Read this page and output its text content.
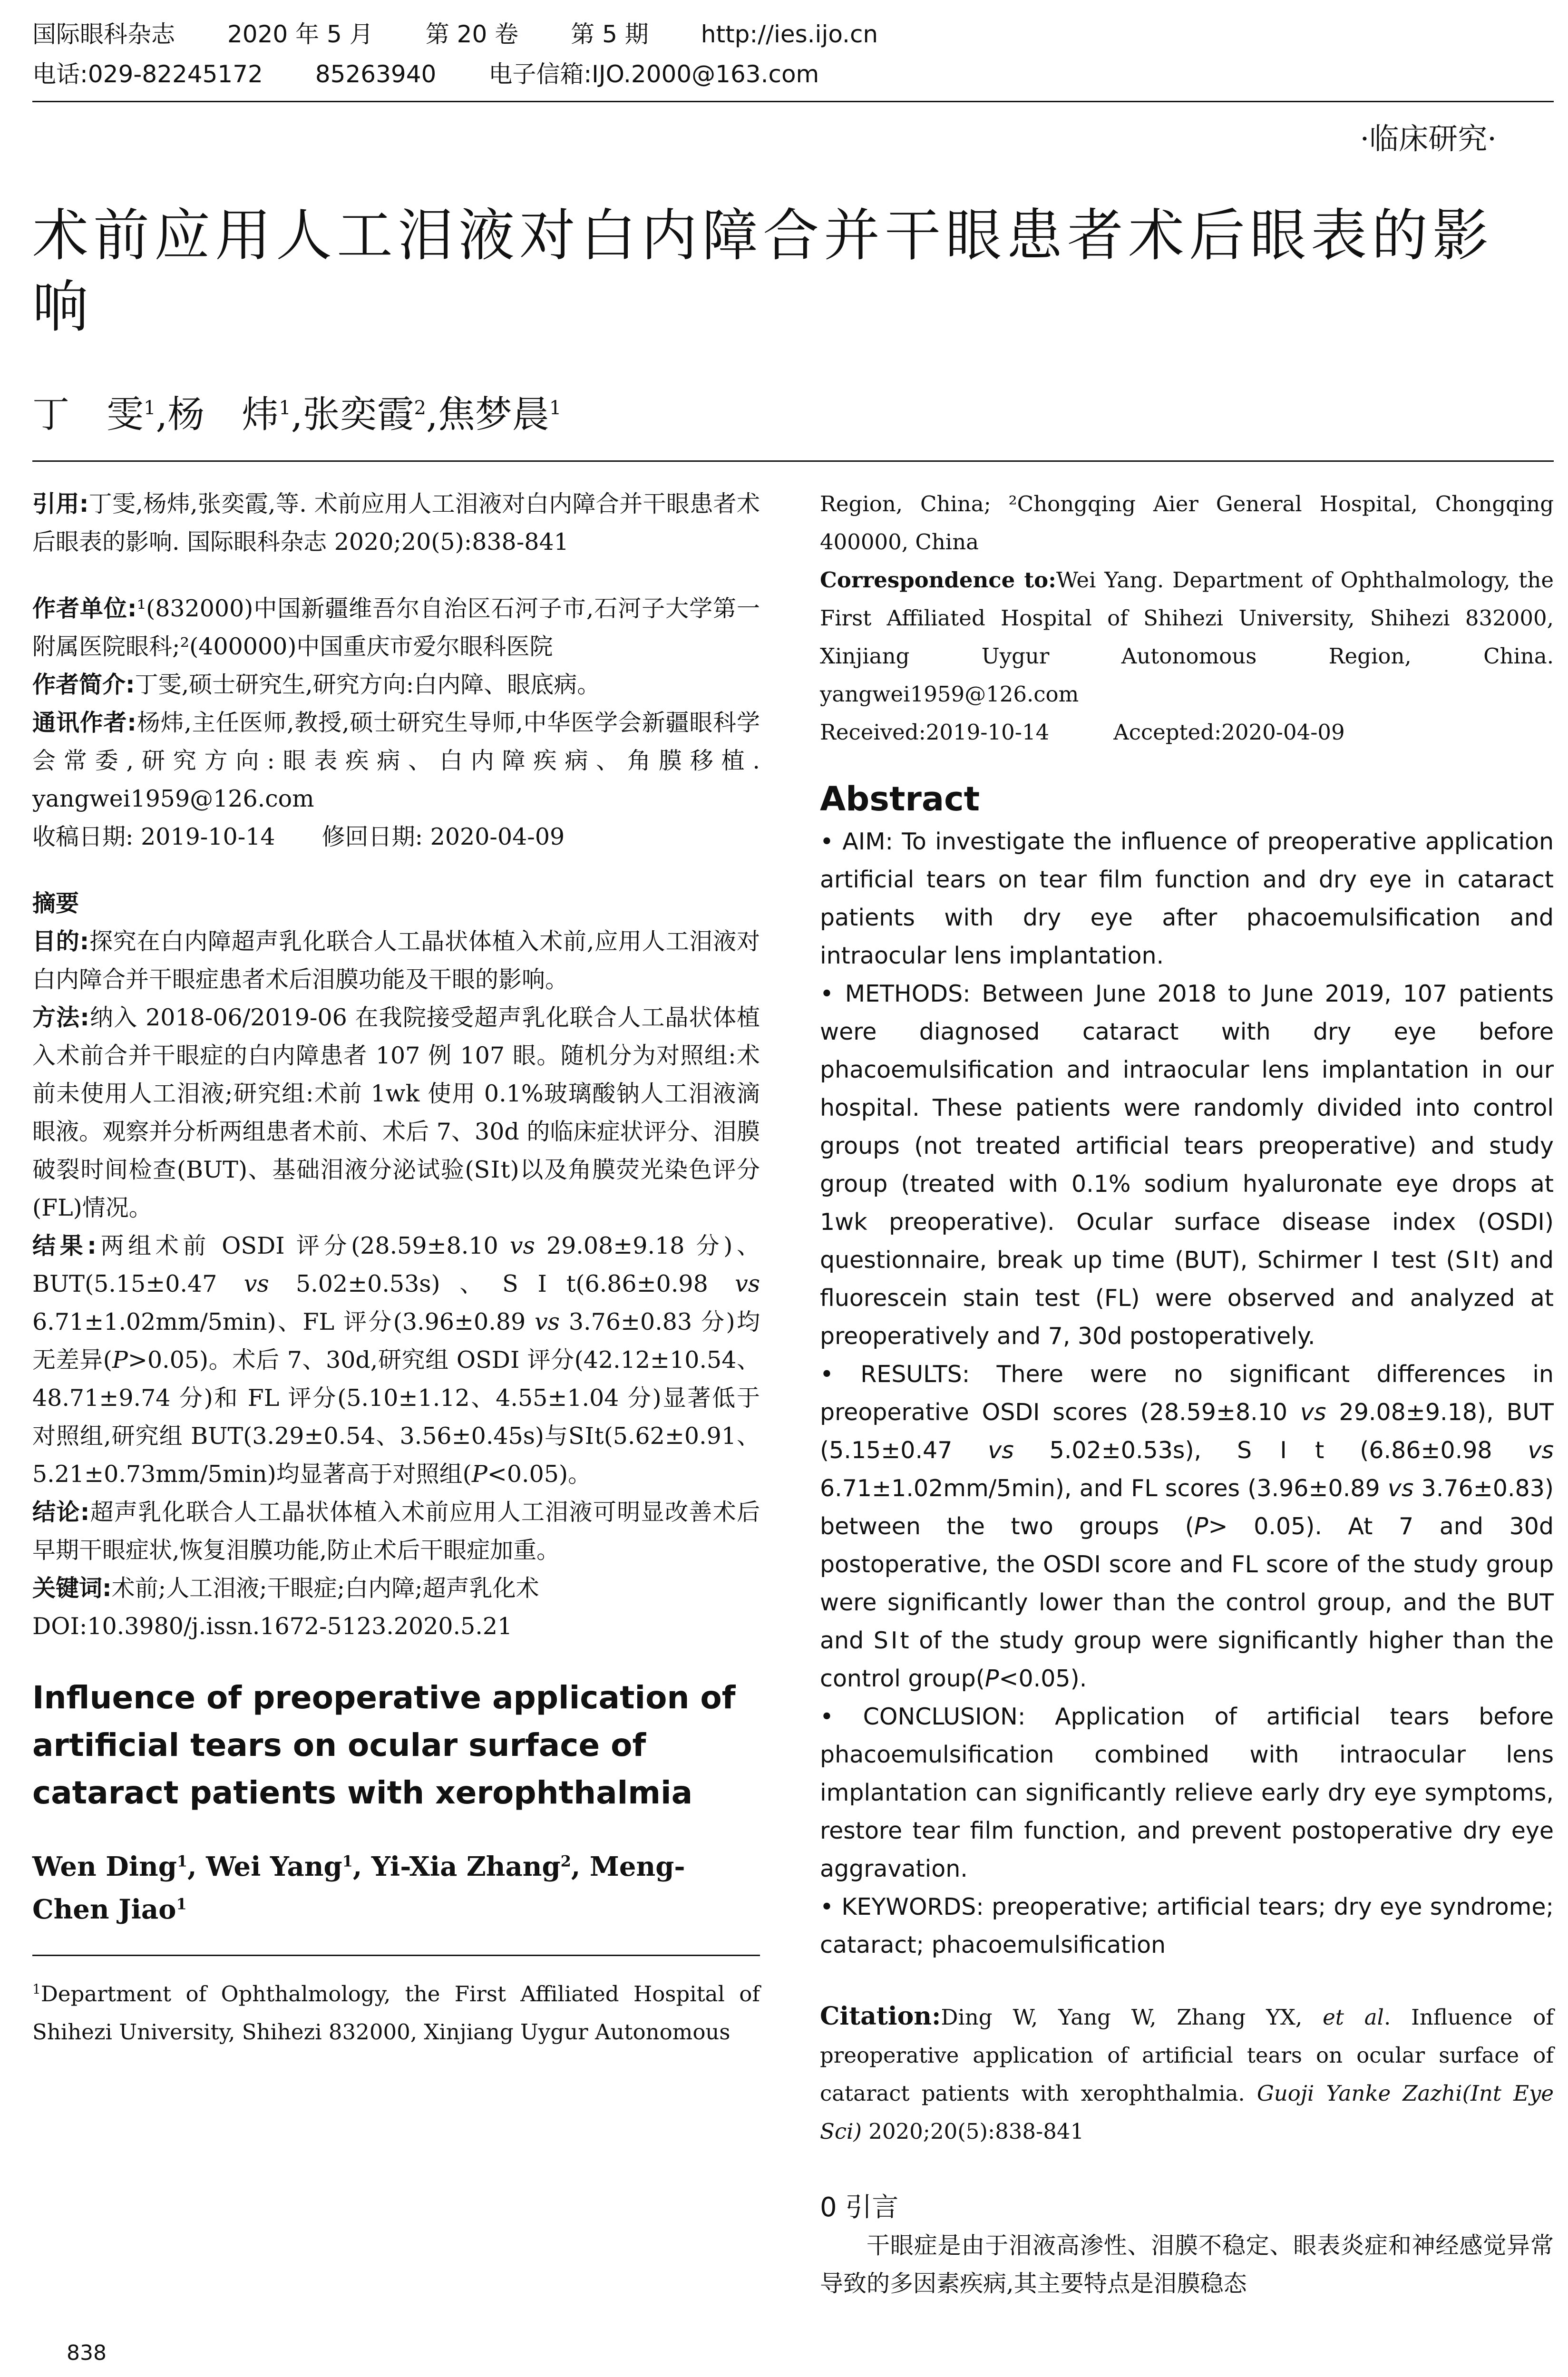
国际眼科杂志 2020 年 5 月 第 20 卷 第 5 期 http://ies.ijo.cn
电话:029-82245172 85263940 电子信箱:IJO.2000@163.com
·临床研究·
术前应用人工泪液对白内障合并干眼患者术后眼表的影响
丁　雯$^1$,杨　炜$^1$,张奕霞$^2$,焦梦晨$^1$

引用:丁雯,杨炜,张奕霞,等. 术前应用人工泪液对白内障合并干眼患者术后眼表的影响. 国际眼科杂志 2020;20(5):838-841

作者单位:¹(832000)中国新疆维吾尔自治区石河子市,石河子大学第一附属医院眼科;²(400000)中国重庆市爱尔眼科医院

作者简介:丁雯,硕士研究生,研究方向:白内障、眼底病。

通讯作者:杨炜,主任医师,教授,硕士研究生导师,中华医学会新疆眼科学会常委,研究方向:眼表疾病、白内障疾病、角膜移植. yangwei1959@126.com

收稿日期: 2019-10-14　　修回日期: 2020-04-09

摘要

目的:探究在白内障超声乳化联合人工晶状体植入术前,应用人工泪液对白内障合并干眼症患者术后泪膜功能及干眼的影响。

方法:纳入 2018-06/2019-06 在我院接受超声乳化联合人工晶状体植入术前合并干眼症的白内障患者 107 例 107 眼。随机分为对照组:术前未使用人工泪液;研究组:术前 1wk 使用 0.1%玻璃酸钠人工泪液滴眼液。观察并分析两组患者术前、术后 7、30d 的临床症状评分、泪膜破裂时间检查(BUT)、基础泪液分泌试验(SⅠt)以及角膜荧光染色评分(FL)情况。

结果:两组术前 OSDI 评分(28.59±8.10 vs 29.08±9.18 分)、BUT(5.15±0.47 vs 5.02±0.53s)、SⅠt(6.86±0.98 vs 6.71±1.02mm/5min)、FL 评分(3.96±0.89 vs 3.76±0.83 分)均无差异(P>0.05)。术后 7、30d,研究组 OSDI 评分(42.12±10.54、48.71±9.74 分)和 FL 评分(5.10±1.12、4.55±1.04 分)显著低于对照组,研究组 BUT(3.29±0.54、3.56±0.45s)与SⅠt(5.62±0.91、5.21±0.73mm/5min)均显著高于对照组(P<0.05)。

结论:超声乳化联合人工晶状体植入术前应用人工泪液可明显改善术后早期干眼症状,恢复泪膜功能,防止术后干眼症加重。

关键词:术前;人工泪液;干眼症;白内障;超声乳化术

DOI:10.3980/j.issn.1672-5123.2020.5.21

Influence of preoperative application of artificial tears on ocular surface of cataract patients with xerophthalmia

Wen Ding$^1$, Wei Yang$^1$, Yi-Xia Zhang$^2$, Meng-Chen Jiao$^1$

$^1$Department of Ophthalmology, the First Affiliated Hospital of Shihezi University, Shihezi 832000, Xinjiang Uygur Autonomous

Region, China; ²Chongqing Aier General Hospital, Chongqing 400000, China

Correspondence to:Wei Yang. Department of Ophthalmology, the First Affiliated Hospital of Shihezi University, Shihezi 832000, Xinjiang Uygur Autonomous Region, China. yangwei1959@126.com

Received:2019-10-14　　　Accepted:2020-04-09

Abstract

• AIM: To investigate the influence of preoperative application artificial tears on tear film function and dry eye in cataract patients with dry eye after phacoemulsification and intraocular lens implantation.

• METHODS: Between June 2018 to June 2019, 107 patients were diagnosed cataract with dry eye before phacoemulsification and intraocular lens implantation in our hospital. These patients were randomly divided into control groups (not treated artificial tears preoperative) and study group (treated with 0.1% sodium hyaluronate eye drops at 1wk preoperative). Ocular surface disease index (OSDI) questionnaire, break up time (BUT), Schirmer Ⅰ test (SⅠt) and fluorescein stain test (FL) were observed and analyzed at preoperatively and 7, 30d postoperatively.

• RESULTS: There were no significant differences in preoperative OSDI scores (28.59±8.10 vs 29.08±9.18), BUT (5.15±0.47 vs 5.02±0.53s), SⅠt (6.86±0.98 vs 6.71±1.02mm/5min), and FL scores (3.96±0.89 vs 3.76±0.83) between the two groups (P> 0.05). At 7 and 30d postoperative, the OSDI score and FL score of the study group were significantly lower than the control group, and the BUT and SⅠt of the study group were significantly higher than the control group(P<0.05).

• CONCLUSION: Application of artificial tears before phacoemulsification combined with intraocular lens implantation can significantly relieve early dry eye symptoms, restore tear film function, and prevent postoperative dry eye aggravation.

• KEYWORDS: preoperative; artificial tears; dry eye syndrome; cataract; phacoemulsification

Citation:Ding W, Yang W, Zhang YX, et al. Influence of preoperative application of artificial tears on ocular surface of cataract patients with xerophthalmia. Guoji Yanke Zazhi(Int Eye Sci) 2020;20(5):838-841

0 引言

干眼症是由于泪液高渗性、泪膜不稳定、眼表炎症和神经感觉异常导致的多因素疾病,其主要特点是泪膜稳态

838
